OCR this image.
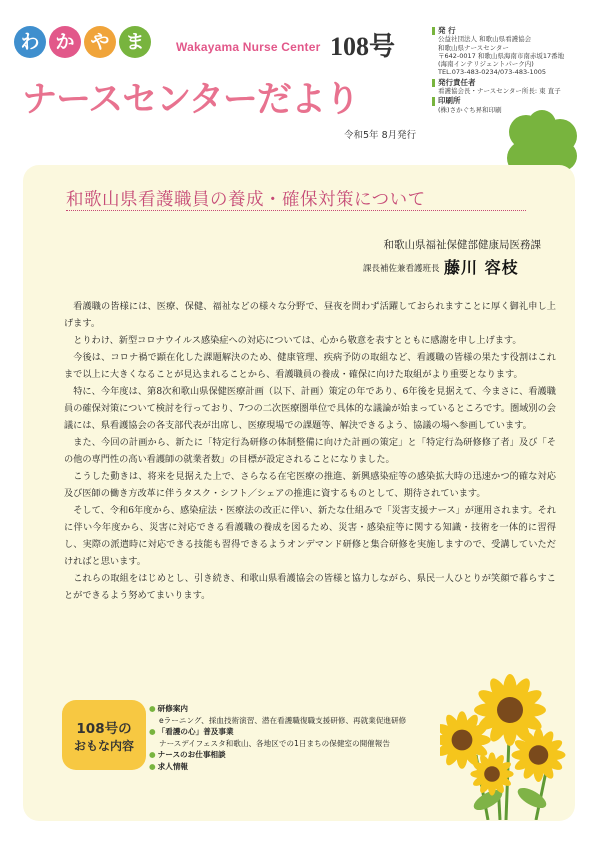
わ か や ま	Wakayama Nurse Center 108号
ナースセンターだより
令和5年 8月発行
発 行
公益社団法人 和歌山県看護協会
和歌山県ナースセンター
〒642-0017 和歌山県海南市南赤坂17番地
(海南インテリジェントパーク内)
TEL.073-483-0234/073-483-1005
発行責任者
看護協会長・ナースセンター所長: 東 直子
印刷所
(株)さかぐち昇和印刷
和歌山県看護職員の養成・確保対策について
和歌山県福祉保健部健康局医務課
課長補佐兼看護班長 藤川 容枝

看護職の皆様には、医療、保健、福祉などの様々な分野で、昼夜を問わず活躍しておられますことに厚く御礼申し上げます。

とりわけ、新型コロナウイルス感染症への対応については、心から敬意を表すとともに感謝を申し上げます。

今後は、コロナ禍で顕在化した課題解決のため、健康管理、疾病予防の取組など、看護職の皆様の果たす役割はこれまで以上に大きくなることが見込まれることから、看護職員の養成・確保に向けた取組がより重要となります。

特に、今年度は、第8次和歌山県保健医療計画（以下、計画）策定の年であり、6年後を見据えて、今まさに、看護職員の確保対策について検討を行っており、7つの二次医療圏単位で具体的な議論が始まっているところです。圏域別の会議には、県看護協会の各支部代表が出席し、医療現場での課題等、解決できるよう、協議の場へ参画しています。

また、今回の計画から、新たに「特定行為研修の体制整備に向けた計画の策定」と「特定行為研修修了者」及び「その他の専門性の高い看護師の就業者数」の目標が設定されることになりました。

こうした動きは、将来を見据えた上で、さらなる在宅医療の推進、新興感染症等の感染拡大時の迅速かつ的確な対応及び医師の働き方改革に伴うタスク・シフト／シェアの推進に資するものとして、期待されています。

そして、令和6年度から、感染症法・医療法の改正に伴い、新たな仕組みで「災害支援ナース」が運用されます。それに伴い今年度から、災害に対応できる看護職の養成を図るため、災害・感染症等に関する知識・技術を一体的に習得し、実際の派遣時に対応できる技能も習得できるようオンデマンド研修と集合研修を実施しますので、受講していただければと思います。

これらの取組をはじめとし、引き続き、和歌山県看護協会の皆様と協力しながら、県民一人ひとりが笑顔で暮らすことができるよう努めてまいります。

108号の
おもな内容
● 研修案内
eラーニング、採血技術演習、潜在看護職復職支援研修、再就業促進研修
● 「看護の心」普及事業
ナースデイフェスタ和歌山、各地区での1日まちの保健室の開催報告
● ナースのお仕事相談
● 求人情報
